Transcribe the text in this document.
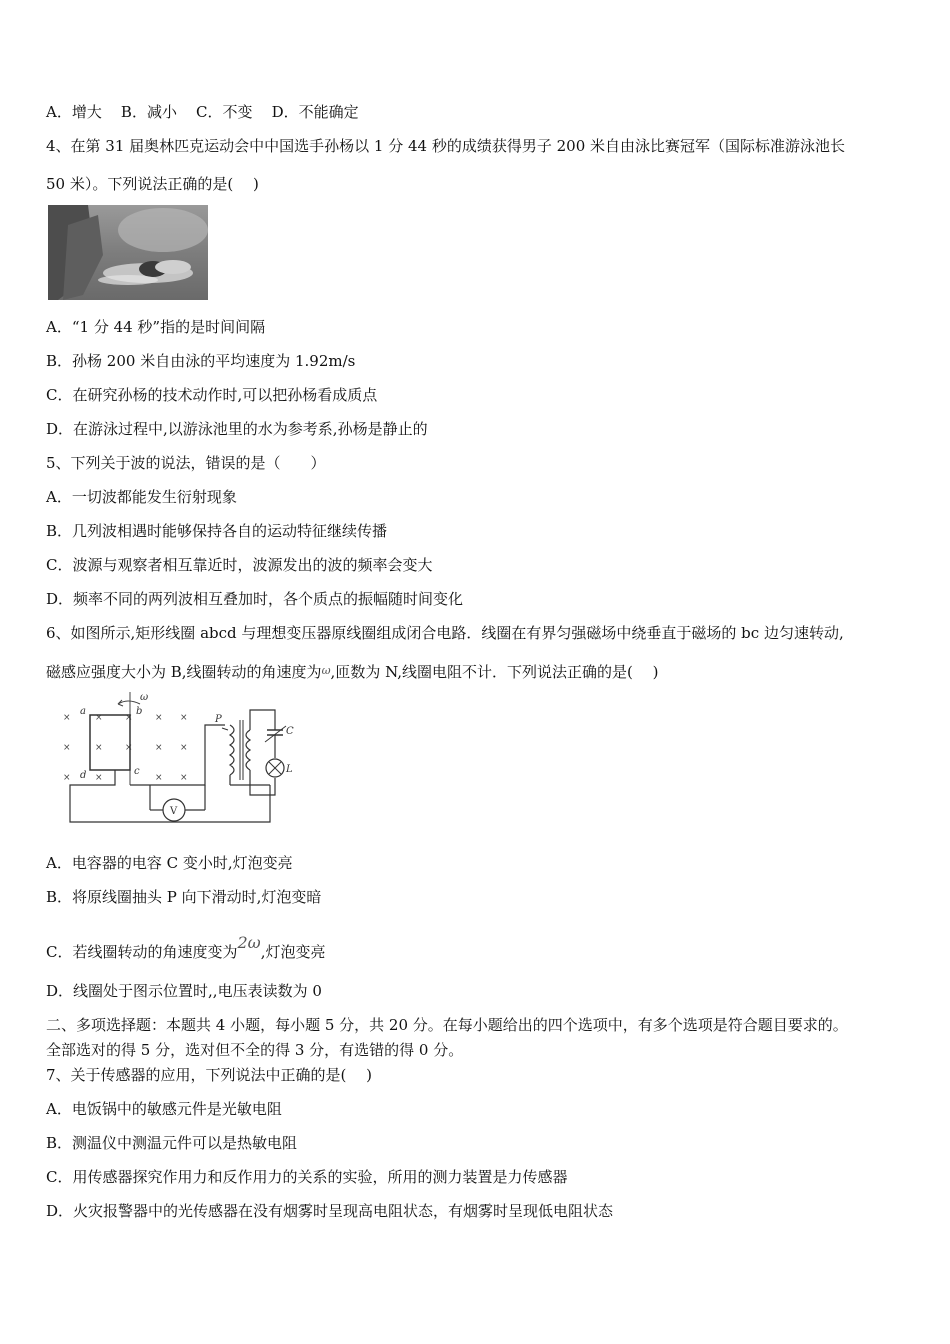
A．增大 B．减小 C．不变 D．不能确定
4、在第 31 届奥林匹克运动会中中国选手孙杨以 1 分 44 秒的成绩获得男子 200 米自由泳比赛冠军（国际标准游泳池长
50 米）。下列说法正确的是(　 )
A．“1 分 44 秒”指的是时间间隔
B．孙杨 200 米自由泳的平均速度为 1.92m/s
C．在研究孙杨的技术动作时,可以把孙杨看成质点
D．在游泳过程中,以游泳池里的水为参考系,孙杨是静止的
5、下列关于波的说法，错误的是（　　）
A．一切波都能发生衍射现象
B．几列波相遇时能够保持各自的运动特征继续传播
C．波源与观察者相互靠近时，波源发出的波的频率会变大
D．频率不同的两列波相互叠加时，各个质点的振幅随时间变化
6、如图所示,矩形线圈 abcd 与理想变压器原线圈组成闭合电路．线圈在有界匀强磁场中绕垂直于磁场的 bc 边匀速转动,
磁感应强度大小为 B,线圈转动的角速度为$^\omega$,匝数为 N,线圈电阻不计．下列说法正确的是(　 )
×	× × × ×
×	× × × ×
×	×	× ×
ω
a	b
c
d
V
P
C
L
A．电容器的电容 C 变小时,灯泡变亮
B．将原线圈抽头 P 向下滑动时,灯泡变暗
C．若线圈转动的角速度变为2ω,灯泡变亮
D．线圈处于图示位置时,,电压表读数为 0
二、多项选择题：本题共 4 小题，每小题 5 分，共 20 分。在每小题给出的四个选项中，有多个选项是符合题目要求的。
全部选对的得 5 分，选对但不全的得 3 分，有选错的得 0 分。
7、关于传感器的应用，下列说法中正确的是(　 )
A．电饭锅中的敏感元件是光敏电阻
B．测温仪中测温元件可以是热敏电阻
C．用传感器探究作用力和反作用力的关系的实验，所用的测力装置是力传感器
D．火灾报警器中的光传感器在没有烟雾时呈现高电阻状态，有烟雾时呈现低电阻状态
